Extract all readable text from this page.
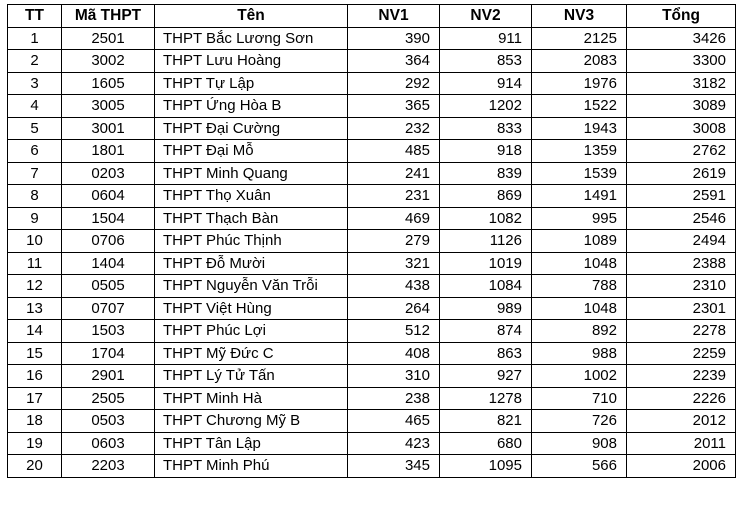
TT	Mã THPT	Tên	NV1	NV2	NV3	Tổng
1	2501	THPT Bắc Lương Sơn	390	911	2125	3426
2	3002	THPT Lưu Hoàng	364	853	2083	3300
3	1605	THPT Tự Lập	292	914	1976	3182
4	3005	THPT Ứng Hòa B	365	1202	1522	3089
5	3001	THPT Đại Cường	232	833	1943	3008
6	1801	THPT Đại Mỗ	485	918	1359	2762
7	0203	THPT Minh Quang	241	839	1539	2619
8	0604	THPT Thọ Xuân	231	869	1491	2591
9	1504	THPT Thạch Bàn	469	1082	995	2546
10	0706	THPT Phúc Thịnh	279	1126	1089	2494
11	1404	THPT Đỗ Mười	321	1019	1048	2388
12	0505	THPT Nguyễn Văn Trỗi	438	1084	788	2310
13	0707	THPT Việt Hùng	264	989	1048	2301
14	1503	THPT Phúc Lợi	512	874	892	2278
15	1704	THPT Mỹ Đức C	408	863	988	2259
16	2901	THPT Lý Tử Tấn	310	927	1002	2239
17	2505	THPT Minh Hà	238	1278	710	2226
18	0503	THPT Chương Mỹ B	465	821	726	2012
19	0603	THPT Tân Lập	423	680	908	2011
20	2203	THPT Minh Phú	345	1095	566	2006
